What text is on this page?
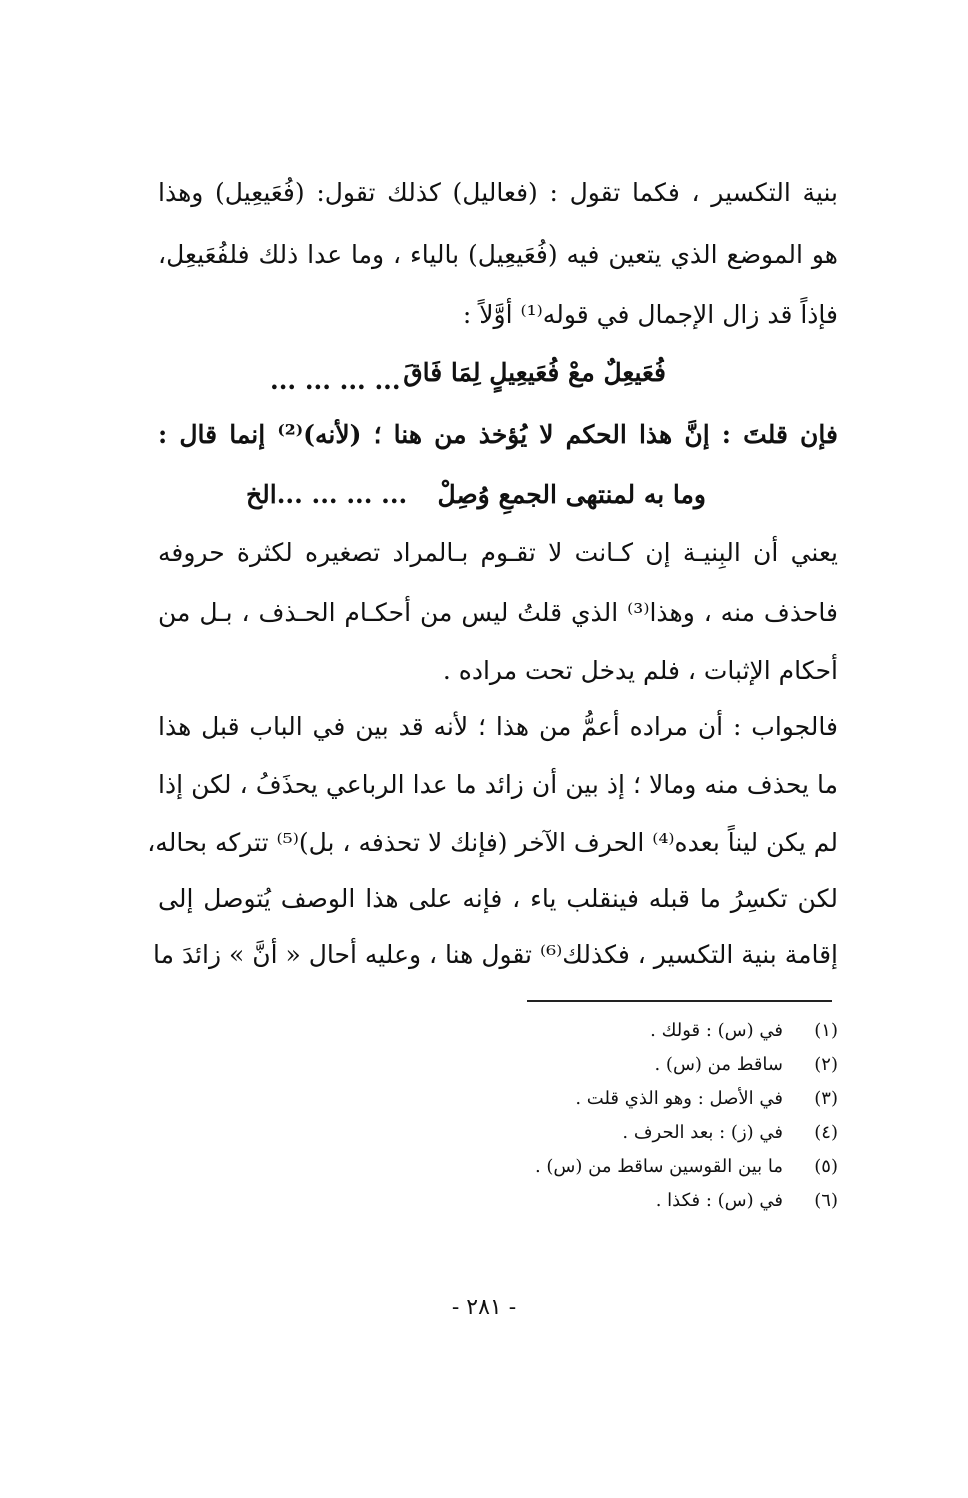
بنية التكسير ، فكما تقول : (فعاليل) كذلك تقول: (فُعَيعِيل) وهذا
هو الموضع الذي يتعين فيه (فُعَيعِيل) بالياء ، وما عدا ذلك فلفُعَيعِل،
فإذاً قد زال الإجمال في قوله⁽¹⁾ أوَّلاً :
فُعَيعِلٌ معْ فُعَيعِيلٍ لِمَا فَاقَ
... ... ... ...
فإن قلتَ : إنَّ هذا الحكم لا يُؤخذ من هنا ؛ (لأنه)⁽²⁾ إنما قال :
وما به لمنتهى الجمعِ وُصِلْ
... ... ... ...الخ
يعني أن البِنيـة إن كـانت لا تقـوم بـالمراد تصغيره لكثرة حروفه
فاحذف منه ، وهذا⁽³⁾ الذي قلتُ ليس من أحكـام الحـذف ، بـل من
أحكام الإثبات ، فلم يدخل تحت مراده .
فالجواب : أن مراده أعمُّ من هذا ؛ لأنه قد بين في الباب قبل هذا
ما يحذف منه ومالا ؛ إذ بين أن زائد ما عدا الرباعي يحذَفُ ، لكن إذا
لم يكن ليناً بعده⁽⁴⁾ الحرف الآخر (فإنك لا تحذفه ، بل)⁽⁵⁾ تتركه بحاله،
لكن تكسِرُ ما قبله فينقلب ياء ، فإنه على هذا الوصف يُتوصل إلى
إقامة بنية التكسير ، فكذلك⁽⁶⁾ تقول هنا ، وعليه أحال « أنَّ » زائدَ ما
(١)
في (س) : قولك .
(٢)
ساقط من (س) .
(٣)
في الأصل : وهو الذي قلت .
(٤)
في (ز) : بعد الحرف .
(٥)
ما بين القوسين ساقط من (س) .
(٦)
في (س) : فكذا .
- ٢٨١ -
